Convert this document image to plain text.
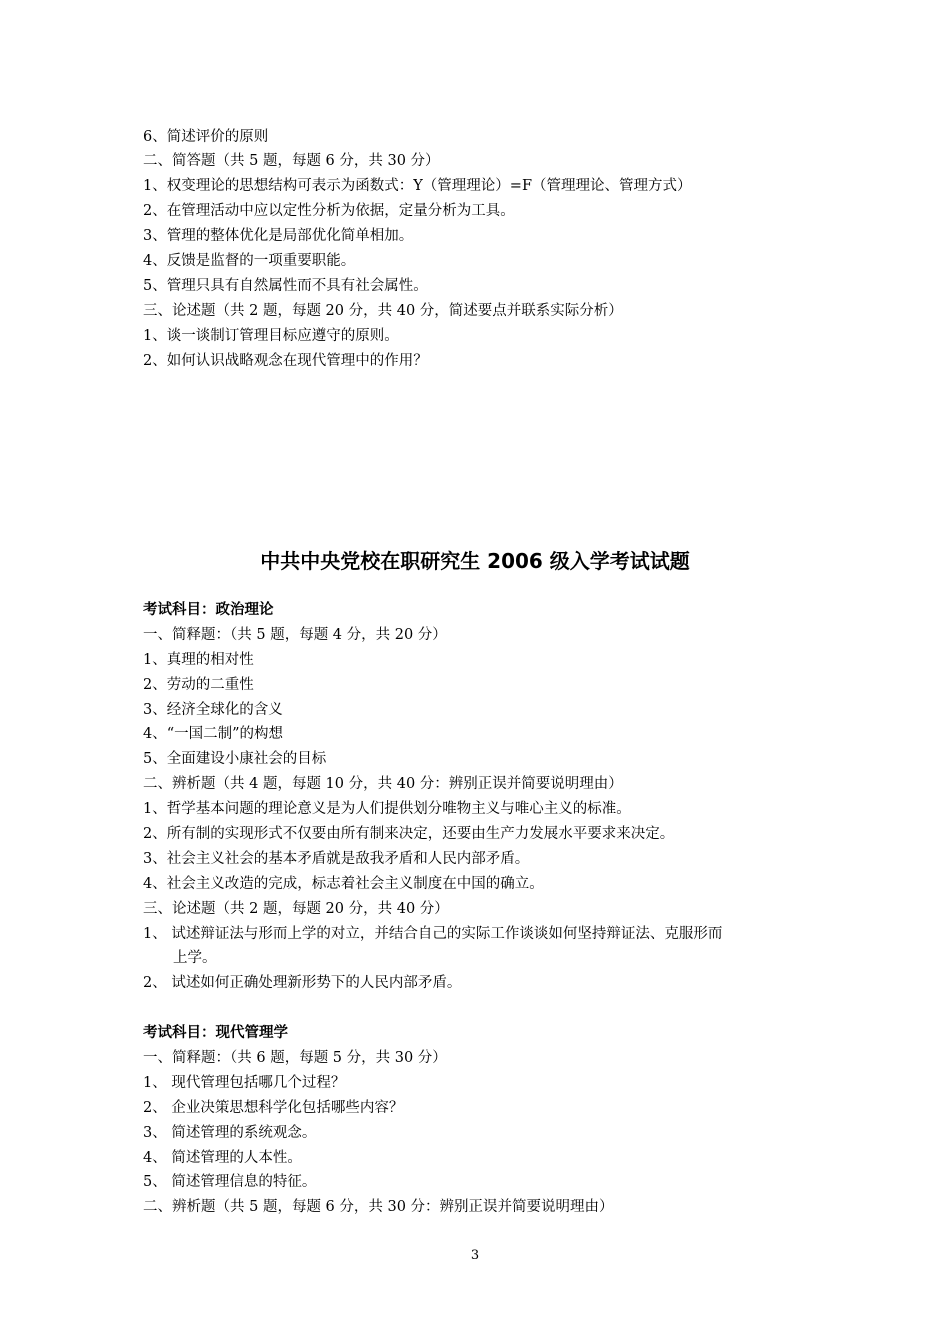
6、简述评价的原则
二、简答题（共 5 题，每题 6 分，共 30 分）
1、权变理论的思想结构可表示为函数式：Y（管理理论）=F（管理理论、管理方式）
2、在管理活动中应以定性分析为依据，定量分析为工具。
3、管理的整体优化是局部优化简单相加。
4、反馈是监督的一项重要职能。
5、管理只具有自然属性而不具有社会属性。
三、论述题（共 2 题，每题 20 分，共 40 分，简述要点并联系实际分析）
1、谈一谈制订管理目标应遵守的原则。
2、如何认识战略观念在现代管理中的作用？
中共中央党校在职研究生 2006 级入学考试试题
考试科目：政治理论
一、简释题：（共 5 题，每题 4 分，共 20 分）
1、真理的相对性
2、劳动的二重性
3、经济全球化的含义
4、“一国二制”的构想
5、全面建设小康社会的目标
二、辨析题（共 4 题，每题 10 分，共 40 分：辨别正误并简要说明理由）
1、哲学基本问题的理论意义是为人们提供划分唯物主义与唯心主义的标准。
2、所有制的实现形式不仅要由所有制来决定，还要由生产力发展水平要求来决定。
3、社会主义社会的基本矛盾就是敌我矛盾和人民内部矛盾。
4、社会主义改造的完成，标志着社会主义制度在中国的确立。
三、论述题（共 2 题，每题 20 分，共 40 分）
1、 试述辩证法与形而上学的对立，并结合自己的实际工作谈谈如何坚持辩证法、克服形而
上学。
2、 试述如何正确处理新形势下的人民内部矛盾。
考试科目：现代管理学
一、简释题：（共 6 题，每题 5 分，共 30 分）
1、 现代管理包括哪几个过程？
2、 企业决策思想科学化包括哪些内容？
3、 简述管理的系统观念。
4、 简述管理的人本性。
5、 简述管理信息的特征。
二、辨析题（共 5 题，每题 6 分，共 30 分：辨别正误并简要说明理由）
3
